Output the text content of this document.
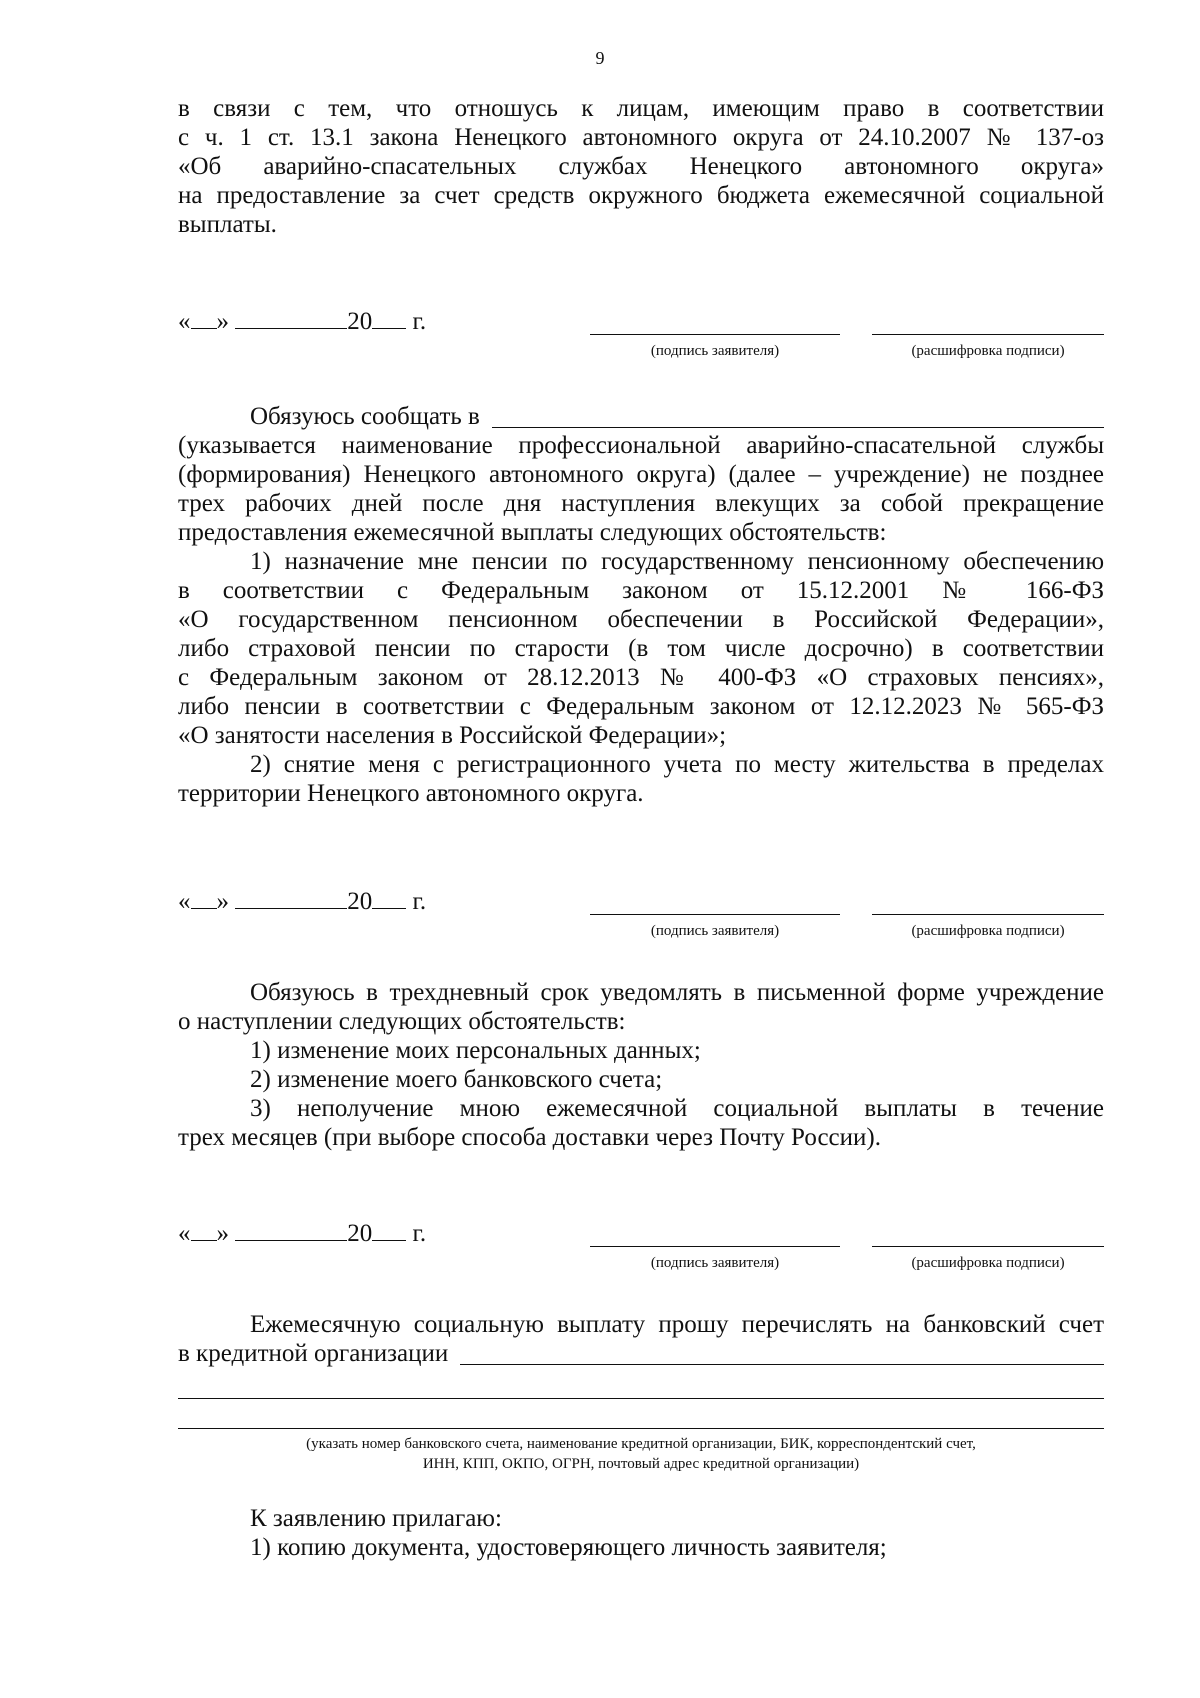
9

в связи с тем, что отношусь к лицам, имеющим право в соответствии

с ч. 1 ст. 13.1 закона Ненецкого автономного округа от 24.10.2007 № 137-оз

«Об аварийно-спасательных службах Ненецкого автономного округа»

на предоставление за счет средств окружного бюджета ежемесячной социальной

выплаты.

« »	20 г.
(подпись заявителя)	(расшифровка подписи)
Обязуюсь сообщать в

(указывается наименование профессиональной аварийно-спасательной службы

(формирования) Ненецкого автономного округа) (далее – учреждение) не позднее

трех рабочих дней после дня наступления влекущих за собой прекращение

предоставления ежемесячной выплаты следующих обстоятельств:

1) назначение мне пенсии по государственному пенсионному обеспечению

в соответствии с Федеральным законом от 15.12.2001 № 166-ФЗ

«О государственном пенсионном обеспечении в Российской Федерации»,

либо страховой пенсии по старости (в том числе досрочно) в соответствии

с Федеральным законом от 28.12.2013 № 400-ФЗ «О страховых пенсиях»,

либо пенсии в соответствии с Федеральным законом от 12.12.2023 № 565-ФЗ

«О занятости населения в Российской Федерации»;

2) снятие меня с регистрационного учета по месту жительства в пределах

территории Ненецкого автономного округа.

« »	20 г.
(подпись заявителя)	(расшифровка подписи)

Обязуюсь в трехдневный срок уведомлять в письменной форме учреждение

о наступлении следующих обстоятельств:

1) изменение моих персональных данных;

2) изменение моего банковского счета;

3) неполучение мною ежемесячной социальной выплаты в течение

трех месяцев (при выборе способа доставки через Почту России).

« »	20 г.
(подпись заявителя)	(расшифровка подписи)

Ежемесячную социальную выплату прошу перечислять на банковский счет

в кредитной организации
(указать номер банковского счета, наименование кредитной организации, БИК, корреспондентский счет,
ИНН, КПП, ОКПО, ОГРН, почтовый адрес кредитной организации)

К заявлению прилагаю:

1) копию документа, удостоверяющего личность заявителя;
